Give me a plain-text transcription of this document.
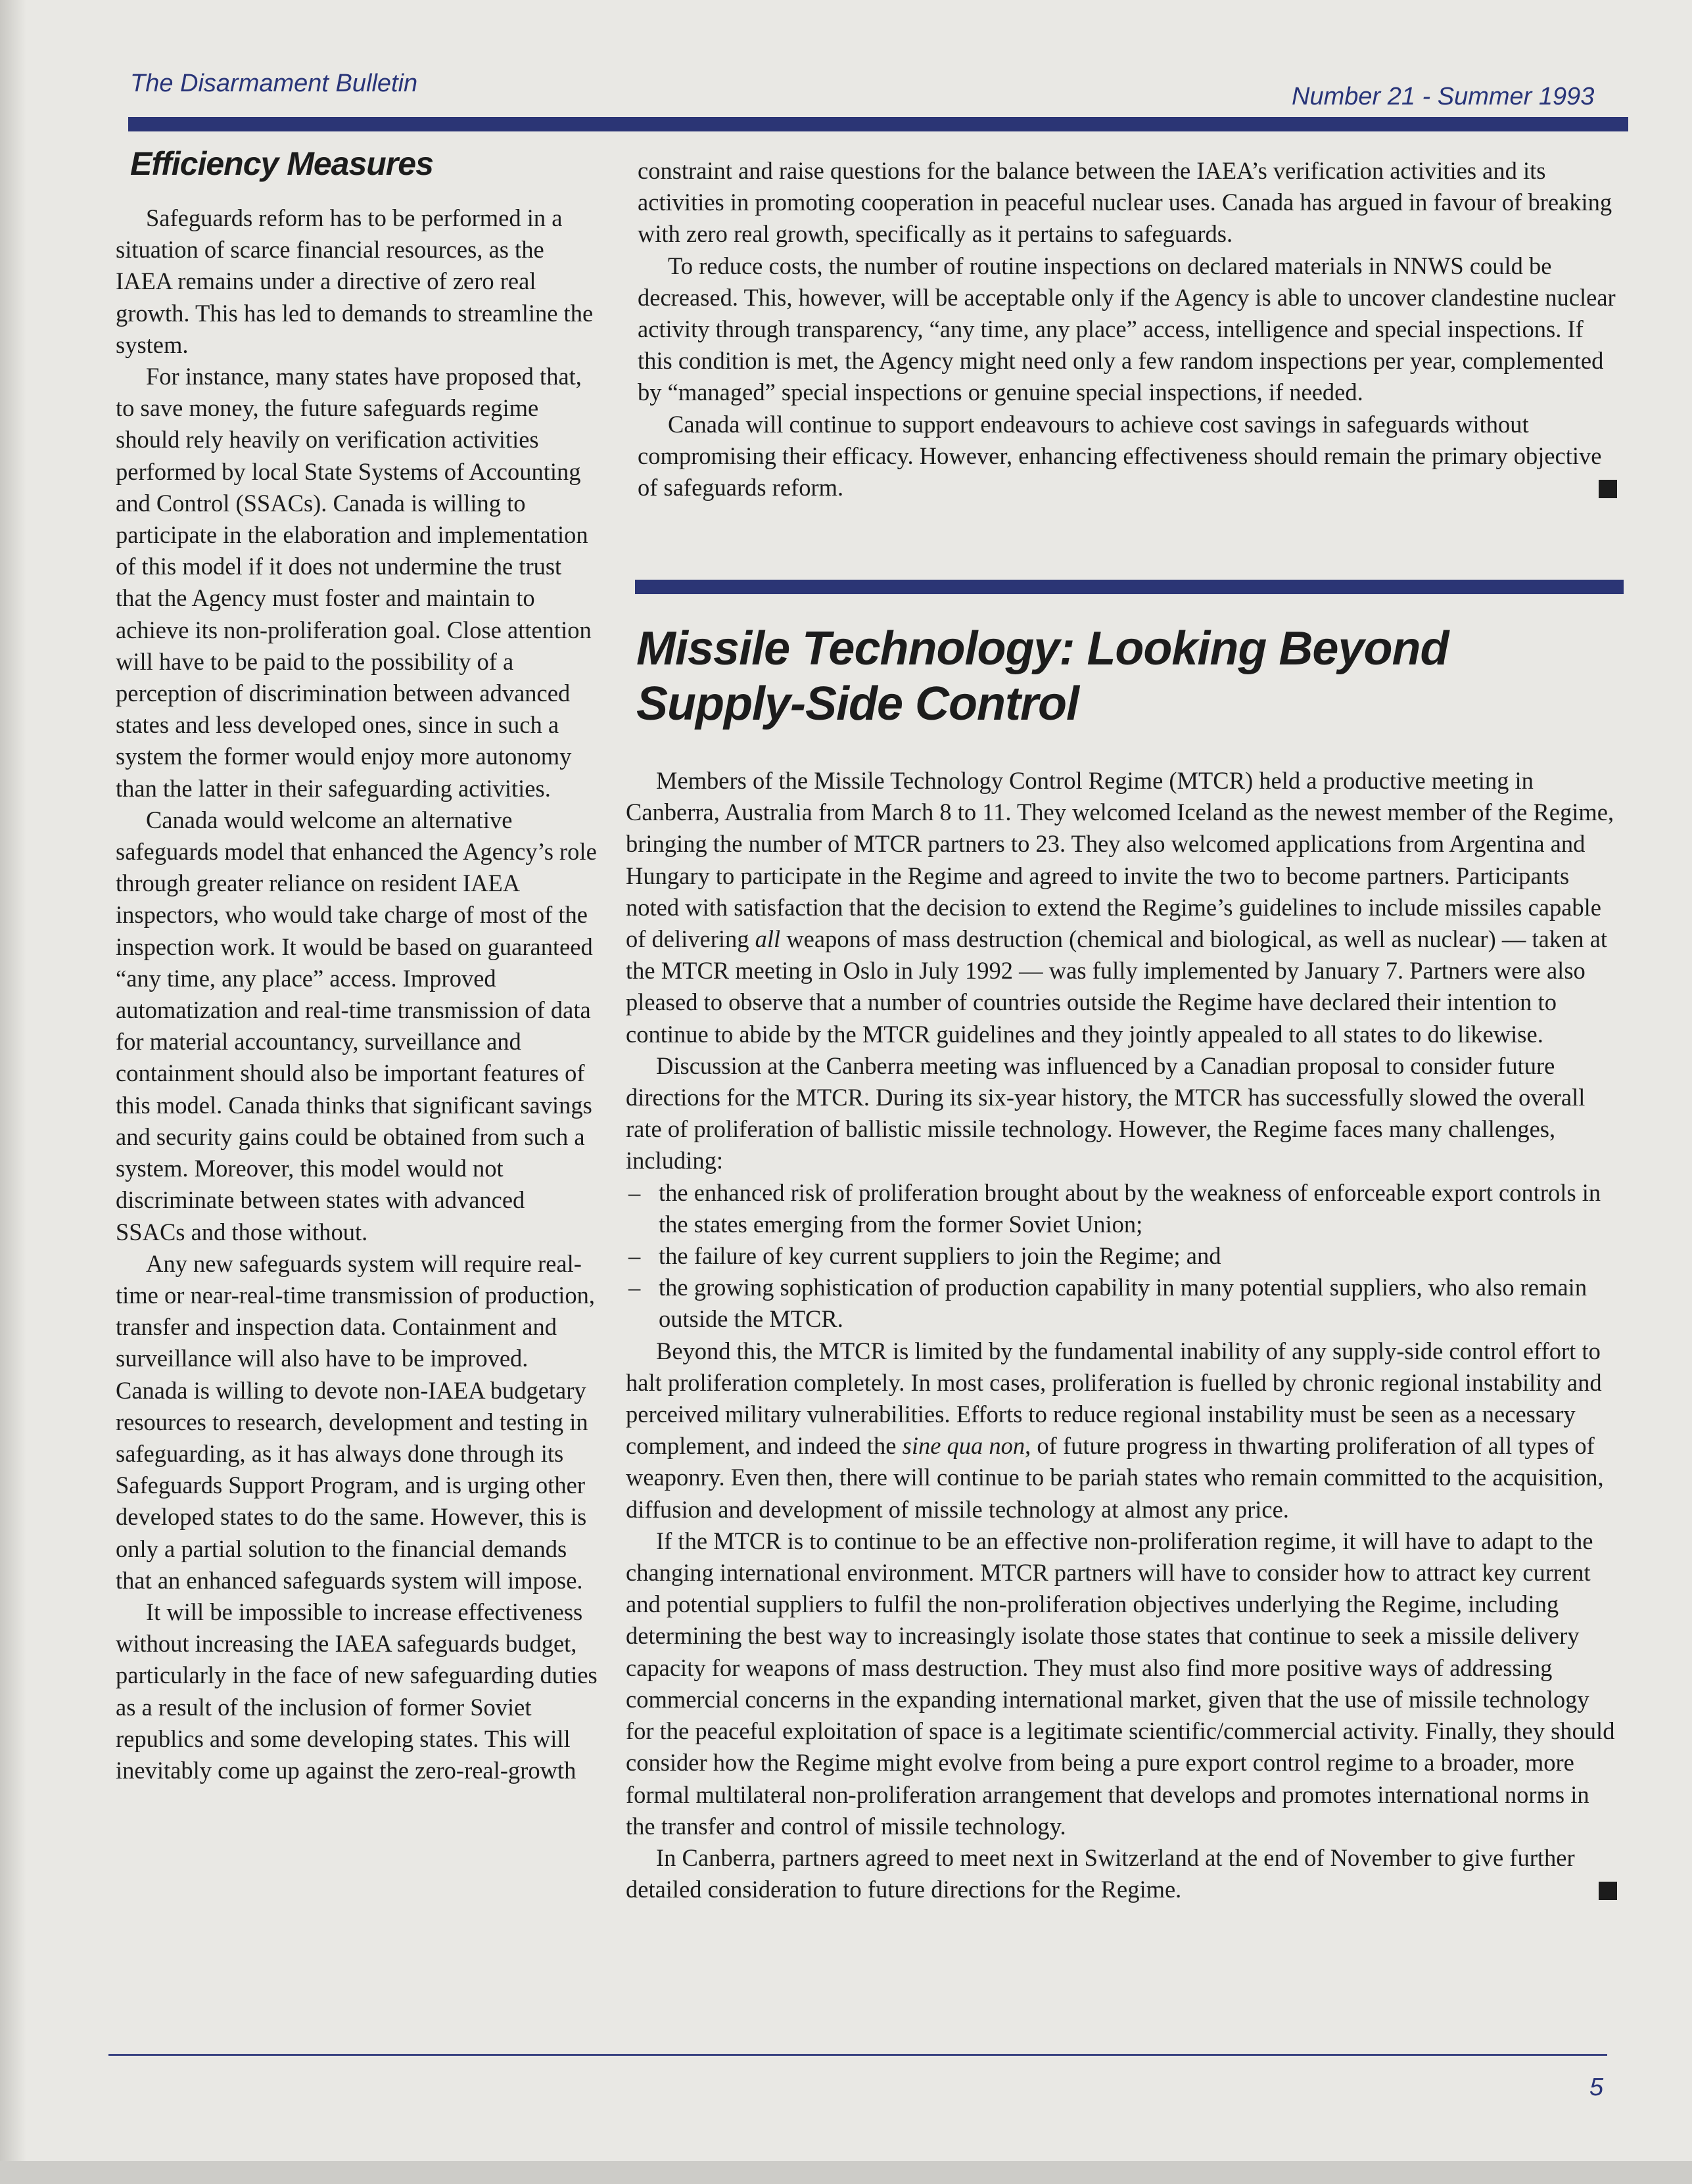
The Disarmament Bulletin	Number 21 - Summer 1993
Efficiency Measures

Safeguards reform has to be performed in a situation of scarce financial resources, as the IAEA remains under a directive of zero real growth. This has led to demands to streamline the system.

For instance, many states have proposed that, to save money, the future safeguards regime should rely heavily on verification activities performed by local State Systems of Accounting and Control (SSACs). Canada is willing to participate in the elaboration and implementation of this model if it does not undermine the trust that the Agency must foster and maintain to achieve its non-proliferation goal. Close attention will have to be paid to the possibility of a perception of discrimination between advanced states and less developed ones, since in such a system the former would enjoy more autonomy than the latter in their safeguarding activities.

Canada would welcome an alternative safeguards model that enhanced the Agency’s role through greater reliance on resident IAEA inspectors, who would take charge of most of the inspection work. It would be based on guaranteed “any time, any place” access. Improved automatization and real-time transmission of data for material accountancy, surveillance and containment should also be important features of this model. Canada thinks that significant savings and security gains could be obtained from such a system. Moreover, this model would not discriminate between states with advanced SSACs and those without.

Any new safeguards system will require real-time or near-real-time transmission of production, transfer and inspection data. Containment and surveillance will also have to be improved. Canada is willing to devote non-IAEA budgetary resources to research, development and testing in safeguarding, as it has always done through its Safeguards Support Program, and is urging other developed states to do the same. However, this is only a partial solution to the financial demands that an enhanced safeguards system will impose.

It will be impossible to increase effectiveness without increasing the IAEA safeguards budget, particularly in the face of new safeguarding duties as a result of the inclusion of former Soviet republics and some developing states. This will inevitably come up against the zero-real-growth

constraint and raise questions for the balance between the IAEA’s verification activities and its activities in promoting cooperation in peaceful nuclear uses. Canada has argued in favour of breaking with zero real growth, specifically as it pertains to safeguards.

To reduce costs, the number of routine inspections on declared materials in NNWS could be decreased. This, however, will be acceptable only if the Agency is able to uncover clandestine nuclear activity through transparency, “any time, any place” access, intelligence and special inspections. If this condition is met, the Agency might need only a few random inspections per year, complemented by “managed” special inspections or genuine special inspections, if needed.

Canada will continue to support endeavours to achieve cost savings in safeguards without compromising their efficacy. However, enhancing effectiveness should remain the primary objective of safeguards reform.

Missile Technology: Looking Beyond
Supply-Side Control

Members of the Missile Technology Control Regime (MTCR) held a productive meeting in Canberra, Australia from March 8 to 11. They welcomed Iceland as the newest member of the Regime, bringing the number of MTCR partners to 23. They also welcomed applications from Argentina and Hungary to participate in the Regime and agreed to invite the two to become partners. Participants noted with satisfaction that the decision to extend the Regime’s guidelines to include missiles capable of delivering all weapons of mass destruction (chemical and biological, as well as nuclear) — taken at the MTCR meeting in Oslo in July 1992 — was fully implemented by January 7. Partners were also pleased to observe that a number of countries outside the Regime have declared their intention to continue to abide by the MTCR guidelines and they jointly appealed to all states to do likewise.

Discussion at the Canberra meeting was influenced by a Canadian proposal to consider future directions for the MTCR. During its six-year history, the MTCR has successfully slowed the overall rate of proliferation of ballistic missile technology. However, the Regime faces many challenges, including:

– the enhanced risk of proliferation brought about by the weakness of enforceable export controls in the states emerging from the former Soviet Union;
– the failure of key current suppliers to join the Regime; and
– the growing sophistication of production capability in many potential suppliers, who also remain outside the MTCR.

Beyond this, the MTCR is limited by the fundamental inability of any supply-side control effort to halt proliferation completely. In most cases, proliferation is fuelled by chronic regional instability and perceived military vulnerabilities. Efforts to reduce regional instability must be seen as a necessary complement, and indeed the sine qua non, of future progress in thwarting proliferation of all types of weaponry. Even then, there will continue to be pariah states who remain committed to the acquisition, diffusion and development of missile technology at almost any price.

If the MTCR is to continue to be an effective non-proliferation regime, it will have to adapt to the changing international environment. MTCR partners will have to consider how to attract key current and potential suppliers to fulfil the non-proliferation objectives underlying the Regime, including determining the best way to increasingly isolate those states that continue to seek a missile delivery capacity for weapons of mass destruction. They must also find more positive ways of addressing commercial concerns in the expanding international market, given that the use of missile technology for the peaceful exploitation of space is a legitimate scientific/commercial activity. Finally, they should consider how the Regime might evolve from being a pure export control regime to a broader, more formal multilateral non-proliferation arrangement that develops and promotes international norms in the transfer and control of missile technology.

In Canberra, partners agreed to meet next in Switzerland at the end of November to give further detailed consideration to future directions for the Regime.

5
